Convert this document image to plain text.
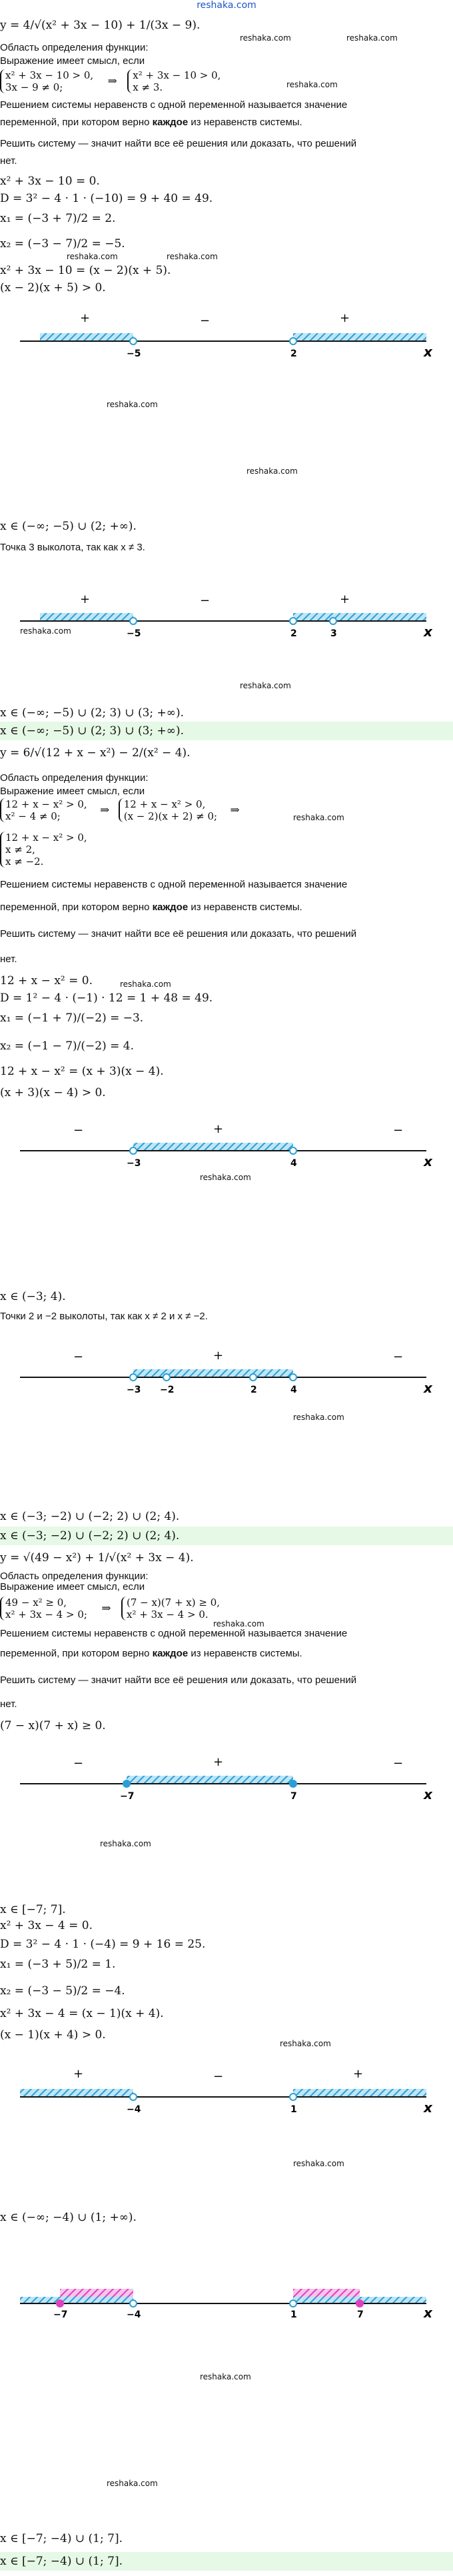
reshaka.com
y = 4/√(x² + 3x − 10) + 1/(3x − 9).
Область определения функции:
Выражение имеет смысл, если
x² + 3x − 10 > 0,
3x − 9 ≠ 0;	⇒ x² + 3x − 10 > 0,
x ≠ 3.
Решением системы неравенств с одной переменной называется значение
переменной, при котором верно каждое из неравенств системы.
Решить систему — значит найти все её решения или доказать, что решений
нет.
x² + 3x − 10 = 0.
D = 3² − 4 · 1 · (−10) = 9 + 40 = 49.
x₁ = (−3 + 7)/2 = 2.
x₂ = (−3 − 7)/2 = −5.
x² + 3x − 10 = (x − 2)(x + 5).
(x − 2)(x + 5) > 0.
+	−	+
−5	2	x
x ∈ (−∞; −5) ∪ (2; +∞).
Точка 3 выколота, так как x ≠ 3.
+	−	+
−5	2	3	x
x ∈ (−∞; −5) ∪ (2; 3) ∪ (3; +∞).
x ∈ (−∞; −5) ∪ (2; 3) ∪ (3; +∞).
y = 6/√(12 + x − x²) − 2/(x² − 4).
Область определения функции:
Выражение имеет смысл, если
12 + x − x² > 0,
x² − 4 ≠ 0;	⇒ 12 + x − x² > 0,
(x − 2)(x + 2) ≠ 0; ⇒
12 + x − x² > 0,
x ≠ 2,
x ≠ −2.
Решением системы неравенств с одной переменной называется значение
переменной, при котором верно каждое из неравенств системы.
Решить систему — значит найти все её решения или доказать, что решений
нет.
12 + x − x² = 0.
D = 1² − 4 · (−1) · 12 = 1 + 48 = 49.
x₁ = (−1 + 7)/(−2) = −3.
x₂ = (−1 − 7)/(−2) = 4.
12 + x − x² = (x + 3)(x − 4).
(x + 3)(x − 4) > 0.
−	+	−
−3	4	x
x ∈ (−3; 4).
Точки 2 и −2 выколоты, так как x ≠ 2 и x ≠ −2.
−	+	−
−3 −2	2	4	x
x ∈ (−3; −2) ∪ (−2; 2) ∪ (2; 4).
x ∈ (−3; −2) ∪ (−2; 2) ∪ (2; 4).
y = √(49 − x²) + 1/√(x² + 3x − 4).
Область определения функции:
Выражение имеет смысл, если
49 − x² ≥ 0,
x² + 3x − 4 > 0; ⇒ (7 − x)(7 + x) ≥ 0,
x² + 3x − 4 > 0.
Решением системы неравенств с одной переменной называется значение
переменной, при котором верно каждое из неравенств системы.
Решить систему — значит найти все её решения или доказать, что решений
нет.
(7 − x)(7 + x) ≥ 0.
−	+	−
−7	7	x
x ∈ [−7; 7].
x² + 3x − 4 = 0.
D = 3² − 4 · 1 · (−4) = 9 + 16 = 25.
x₁ = (−3 + 5)/2 = 1.
x₂ = (−3 − 5)/2 = −4.
x² + 3x − 4 = (x − 1)(x + 4).
(x − 1)(x + 4) > 0.
+	−	+
−4	1	x
x ∈ (−∞; −4) ∪ (1; +∞).
−7	−4	1	7	x
x ∈ [−7; −4) ∪ (1; 7].
x ∈ [−7; −4) ∪ (1; 7].
reshaka.com	reshaka.com
reshaka.com
reshaka.com	reshaka.com
reshaka.com
reshaka.com
reshaka.com
reshaka.com
reshaka.com
reshaka.com
reshaka.com
reshaka.com
reshaka.com
reshaka.com
reshaka.com
reshaka.com
reshaka.com
reshaka.com
